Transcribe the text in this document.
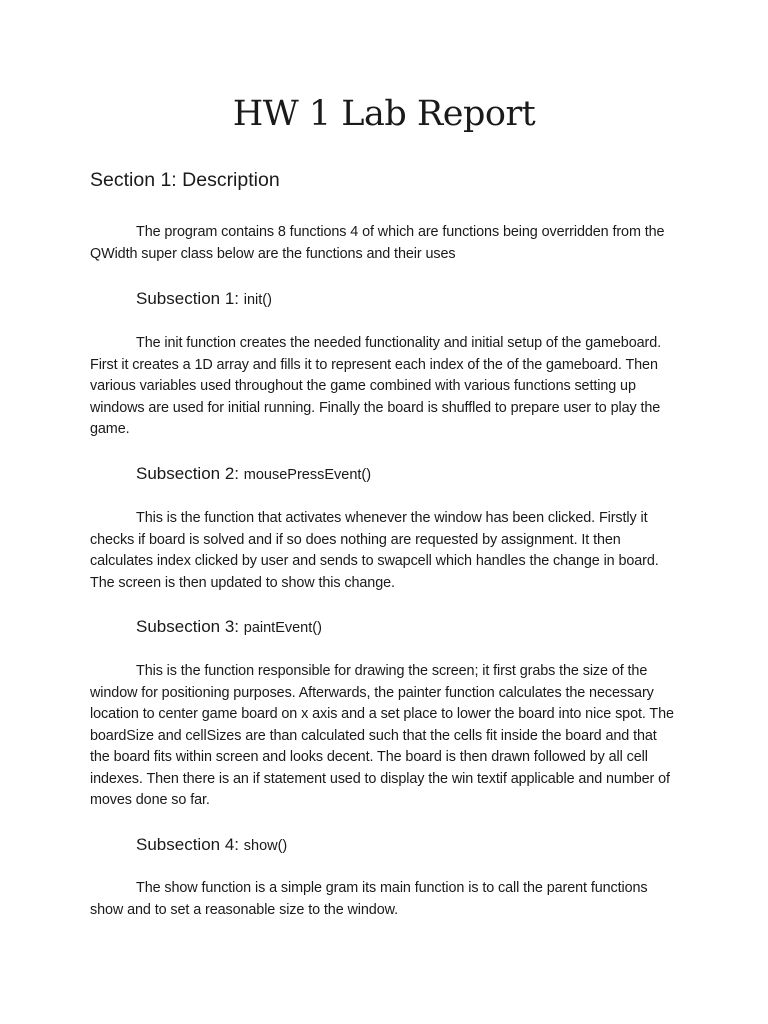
HW 1 Lab Report
Section 1: Description

The program contains 8 functions 4 of which are functions being overridden from the QWidth super class below are the functions and their uses

Subsection 1: init()

The init function creates the needed functionality and initial setup of the gameboard. First it creates a 1D array and fills it to represent each index of the of the gameboard. Then various variables used throughout the game combined with various functions setting up windows are used for initial running. Finally the board is shuffled to prepare user to play the game.

Subsection 2: mousePressEvent()

This is the function that activates whenever the window has been clicked. Firstly it checks if board is solved and if so does nothing are requested by assignment. It then calculates index clicked by user and sends to swapcell which handles the change in board. The screen is then updated to show this change.

Subsection 3: paintEvent()

This is the function responsible for drawing the screen; it first grabs the size of the window for positioning purposes. Afterwards, the painter function calculates the necessary location to center game board on x axis and a set place to lower the board into nice spot. The boardSize and cellSizes are than calculated such that the cells fit inside the board and that the board fits within screen and looks decent. The board is then drawn followed by all cell indexes. Then there is an if statement used to display the win textif applicable and number of moves done so far.

Subsection 4: show()

The show function is a simple gram its main function is to call the parent functions show and to set a reasonable size to the window.
